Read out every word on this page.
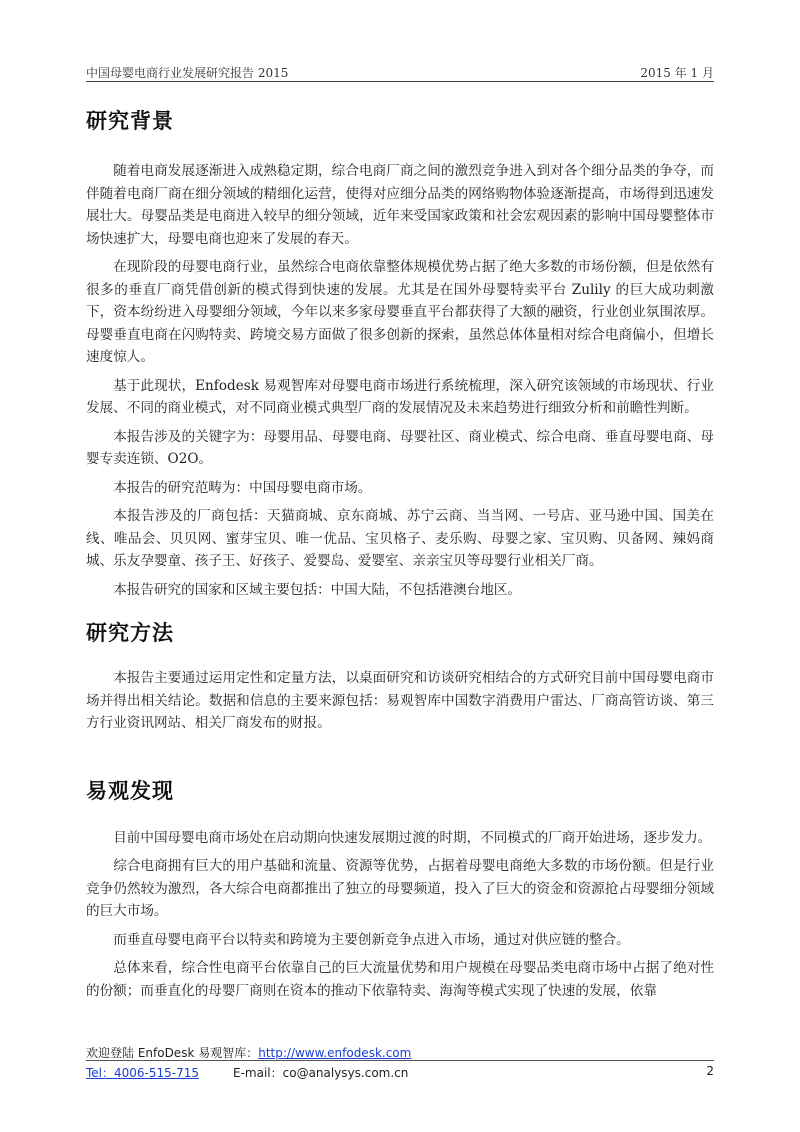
中国母婴电商行业发展研究报告 2015	2015 年 1 月
研究背景

随着电商发展逐渐进入成熟稳定期，综合电商厂商之间的激烈竞争进入到对各个细分品类的争夺，而伴随着电商厂商在细分领域的精细化运营，使得对应细分品类的网络购物体验逐渐提高，市场得到迅速发展壮大。母婴品类是电商进入较早的细分领域，近年来受国家政策和社会宏观因素的影响中国母婴整体市场快速扩大，母婴电商也迎来了发展的春天。

在现阶段的母婴电商行业，虽然综合电商依靠整体规模优势占据了绝大多数的市场份额，但是依然有很多的垂直厂商凭借创新的模式得到快速的发展。尤其是在国外母婴特卖平台 Zulily 的巨大成功刺激下，资本纷纷进入母婴细分领域，今年以来多家母婴垂直平台都获得了大额的融资，行业创业氛围浓厚。母婴垂直电商在闪购特卖、跨境交易方面做了很多创新的探索，虽然总体体量相对综合电商偏小，但增长速度惊人。

基于此现状，Enfodesk 易观智库对母婴电商市场进行系统梳理，深入研究该领域的市场现状、行业发展、不同的商业模式，对不同商业模式典型厂商的发展情况及未来趋势进行细致分析和前瞻性判断。

本报告涉及的关键字为：母婴用品、母婴电商、母婴社区、商业模式、综合电商、垂直母婴电商、母婴专卖连锁、O2O。

本报告的研究范畴为：中国母婴电商市场。

本报告涉及的厂商包括：天猫商城、京东商城、苏宁云商、当当网、一号店、亚马逊中国、国美在线、唯品会、贝贝网、蜜芽宝贝、唯一优品、宝贝格子、麦乐购、母婴之家、宝贝购、贝备网、辣妈商城、乐友孕婴童、孩子王、好孩子、爱婴岛、爱婴室、亲亲宝贝等母婴行业相关厂商。

本报告研究的国家和区域主要包括：中国大陆，不包括港澳台地区。

研究方法

本报告主要通过运用定性和定量方法，以桌面研究和访谈研究相结合的方式研究目前中国母婴电商市场并得出相关结论。数据和信息的主要来源包括：易观智库中国数字消费用户雷达、厂商高管访谈、第三方行业资讯网站、相关厂商发布的财报。

易观发现

目前中国母婴电商市场处在启动期向快速发展期过渡的时期，不同模式的厂商开始进场，逐步发力。

综合电商拥有巨大的用户基础和流量、资源等优势，占据着母婴电商绝大多数的市场份额。但是行业竞争仍然较为激烈，各大综合电商都推出了独立的母婴频道，投入了巨大的资金和资源抢占母婴细分领域的巨大市场。

而垂直母婴电商平台以特卖和跨境为主要创新竞争点进入市场，通过对供应链的整合。

总体来看，综合性电商平台依靠自己的巨大流量优势和用户规模在母婴品类电商市场中占据了绝对性的份额；而垂直化的母婴厂商则在资本的推动下依靠特卖、海淘等模式实现了快速的发展，依靠

欢迎登陆 EnfoDesk 易观智库：http://www.enfodesk.com
Tel：4006-515-715	E-mail：co@analysys.com.cn	2
